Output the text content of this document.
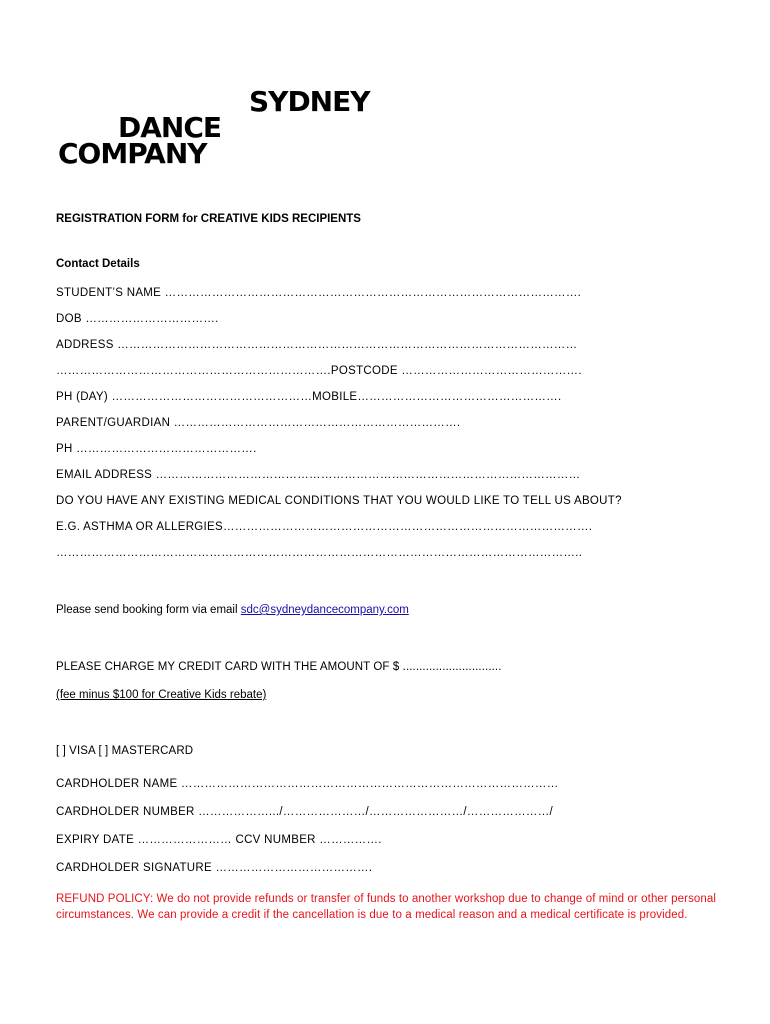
SYDNEY
DANCE
COMPANY
REGISTRATION FORM for CREATIVE KIDS RECIPIENTS
Contact Details
STUDENT’S NAME …………………………………………………………………………………………….
DOB …………………………….
ADDRESS ………………………………………………………………………………………………………
…………………………………………………………….POSTCODE ……………………………………….
PH (DAY) ……………………………………………MOBILE…………………………………………….
PARENT/GUARDIAN ……………………………………………………………….
PH ……………………………………….
EMAIL ADDRESS ………………………………………………………………………………………………
DO YOU HAVE ANY EXISTING MEDICAL CONDITIONS THAT YOU WOULD LIKE TO TELL US ABOUT?
E.G. ASTHMA OR ALLERGIES………………………………………………………………………………….
……………………………………………………………………………………………………………………..
Please send booking form via email sdc@sydneydancecompany.com
PLEASE CHARGE MY CREDIT CARD WITH THE AMOUNT OF $ ..............................
(fee minus $100 for Creative Kids rebate)
[ ] VISA [ ] MASTERCARD
CARDHOLDER NAME ……………………………………………………………………………………
CARDHOLDER NUMBER ……………….../…………………/……………………/…………………/
EXPIRY DATE …………………… CCV NUMBER …………….
CARDHOLDER SIGNATURE ………………………………….
REFUND POLICY: We do not provide refunds or transfer of funds to another workshop due to change of mind or other personal circumstances. We can provide a credit if the cancellation is due to a medical reason and a medical certificate is provided.
